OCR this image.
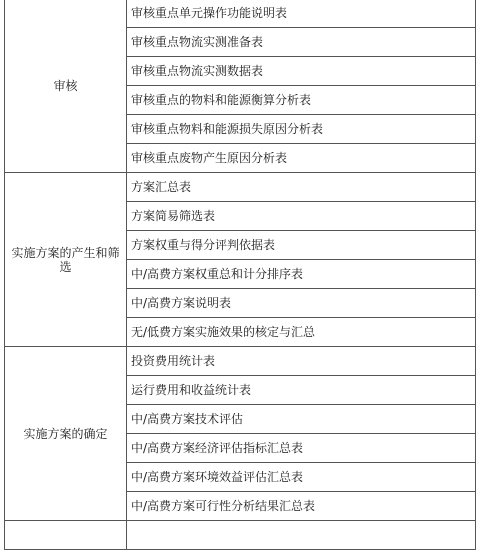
审核	审核重点单元操作功能说明表
	审核重点物流实测准备表
	审核重点物流实测数据表
	审核重点的物料和能源衡算分析表
	审核重点物料和能源损失原因分析表
	审核重点废物产生原因分析表
实施方案的产生和筛选	方案汇总表
	方案简易筛选表
	方案权重与得分评判依据表
	中/高费方案权重总和计分排序表
	中/高费方案说明表
	无/低费方案实施效果的核定与汇总
实施方案的确定	投资费用统计表
	运行费用和收益统计表
	中/高费方案技术评估
	中/高费方案经济评估指标汇总表
	中/高费方案环境效益评估汇总表
	中/高费方案可行性分析结果汇总表
